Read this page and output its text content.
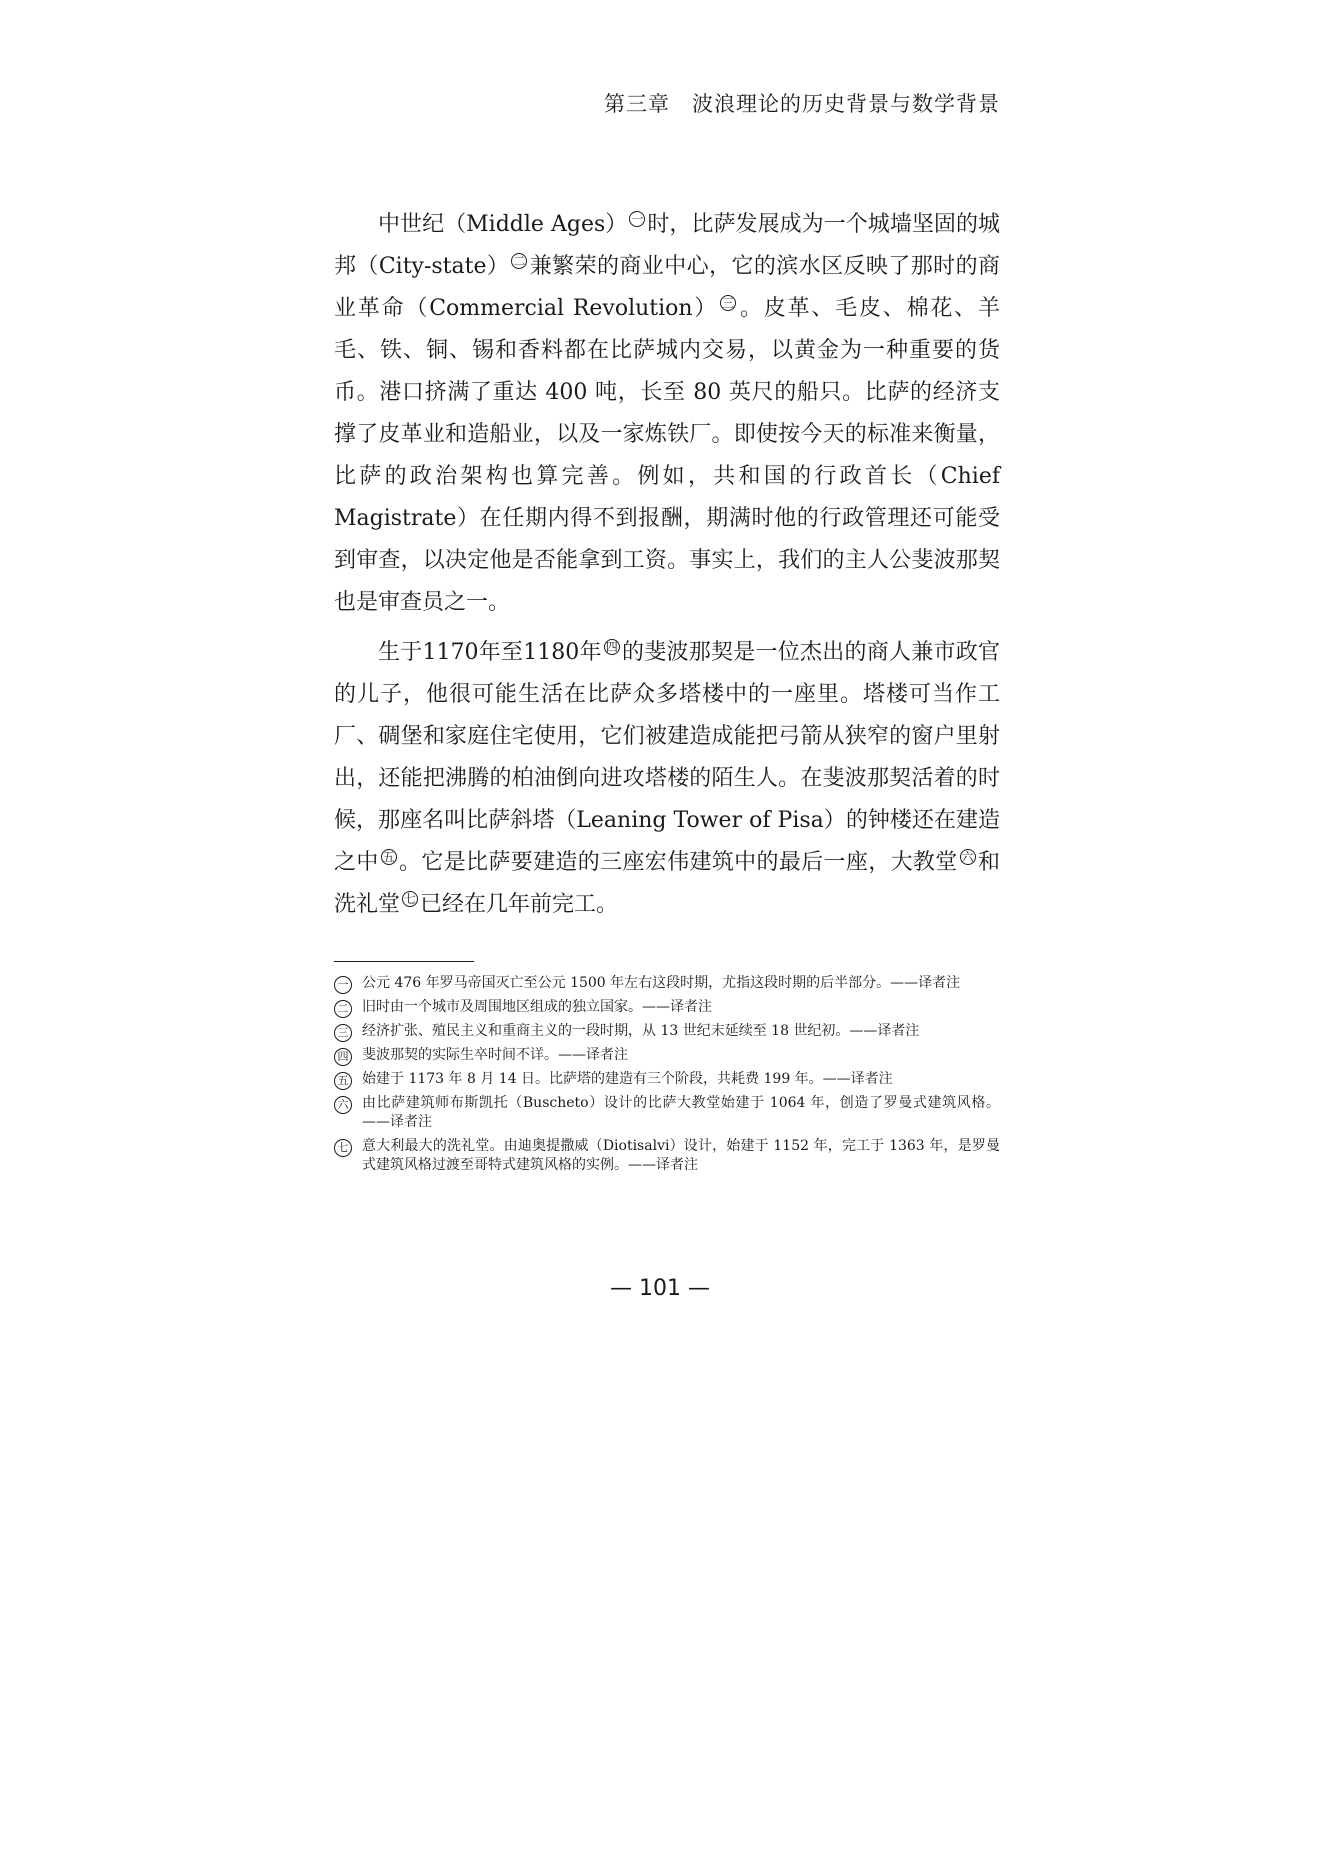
第三章　波浪理论的历史背景与数学背景

中世纪（Middle Ages） 一 时，比萨发展成为一个城墙坚固的城邦（City-state） 二 兼繁荣的商业中心，它的滨水区反映了那时的商业革命（Commercial Revolution） 三 。皮革、毛皮、棉花、羊毛、铁、铜、锡和香料都在比萨城内交易，以黄金为一种重要的货币。港口挤满了重达 400 吨，长至 80 英尺的船只。比萨的经济支撑了皮革业和造船业，以及一家炼铁厂。即使按今天的标准来衡量，比萨的政治架构也算完善。例如，共和国的行政首长（Chief Magistrate）在任期内得不到报酬，期满时他的行政管理还可能受到审查，以决定他是否能拿到工资。事实上，我们的主人公斐波那契也是审查员之一。

生于1170年至1180年 四 的斐波那契是一位杰出的商人兼市政官的儿子，他很可能生活在比萨众多塔楼中的一座里。塔楼可当作工厂、碉堡和家庭住宅使用，它们被建造成能把弓箭从狭窄的窗户里射出，还能把沸腾的柏油倒向进攻塔楼的陌生人。在斐波那契活着的时候，那座名叫比萨斜塔（Leaning Tower of Pisa）的钟楼还在建造之中 五 。它是比萨要建造的三座宏伟建筑中的最后一座，大教堂 六 和洗礼堂 七 已经在几年前完工。

一 公元 476 年罗马帝国灭亡至公元 1500 年左右这段时期，尤指这段时期的后半部分。——译者注
二 旧时由一个城市及周围地区组成的独立国家。——译者注
三 经济扩张、殖民主义和重商主义的一段时期，从 13 世纪末延续至 18 世纪初。——译者注
四 斐波那契的实际生卒时间不详。——译者注
五 始建于 1173 年 8 月 14 日。比萨塔的建造有三个阶段，共耗费 199 年。——译者注
六 由比萨建筑师布斯凯托（Buscheto）设计的比萨大教堂始建于 1064 年，创造了罗曼式建筑风格。——译者注
七 意大利最大的洗礼堂。由迪奥提撒威（Diotisalvi）设计，始建于 1152 年，完工于 1363 年，是罗曼式建筑风格过渡至哥特式建筑风格的实例。——译者注
— 101 —
